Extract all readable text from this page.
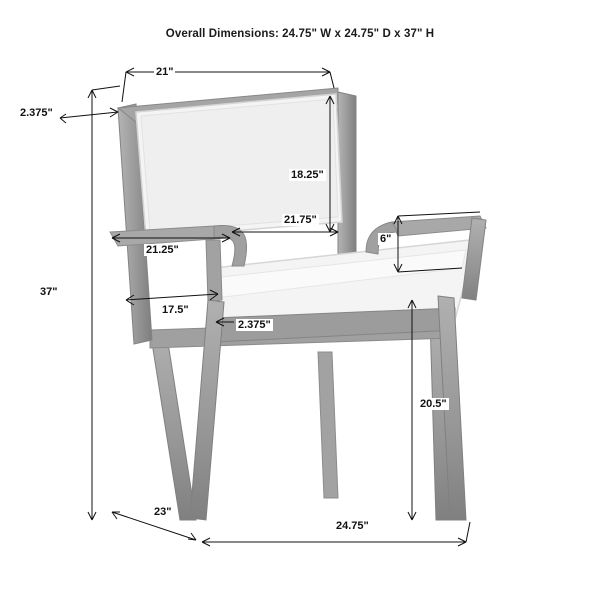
Overall Dimensions: 24.75" W x 24.75" D x 37" H
21"
2.375"
18.25"
21.75"
6"
21.25"
17.5"
2.375"
37"
20.5"
23"
24.75"
